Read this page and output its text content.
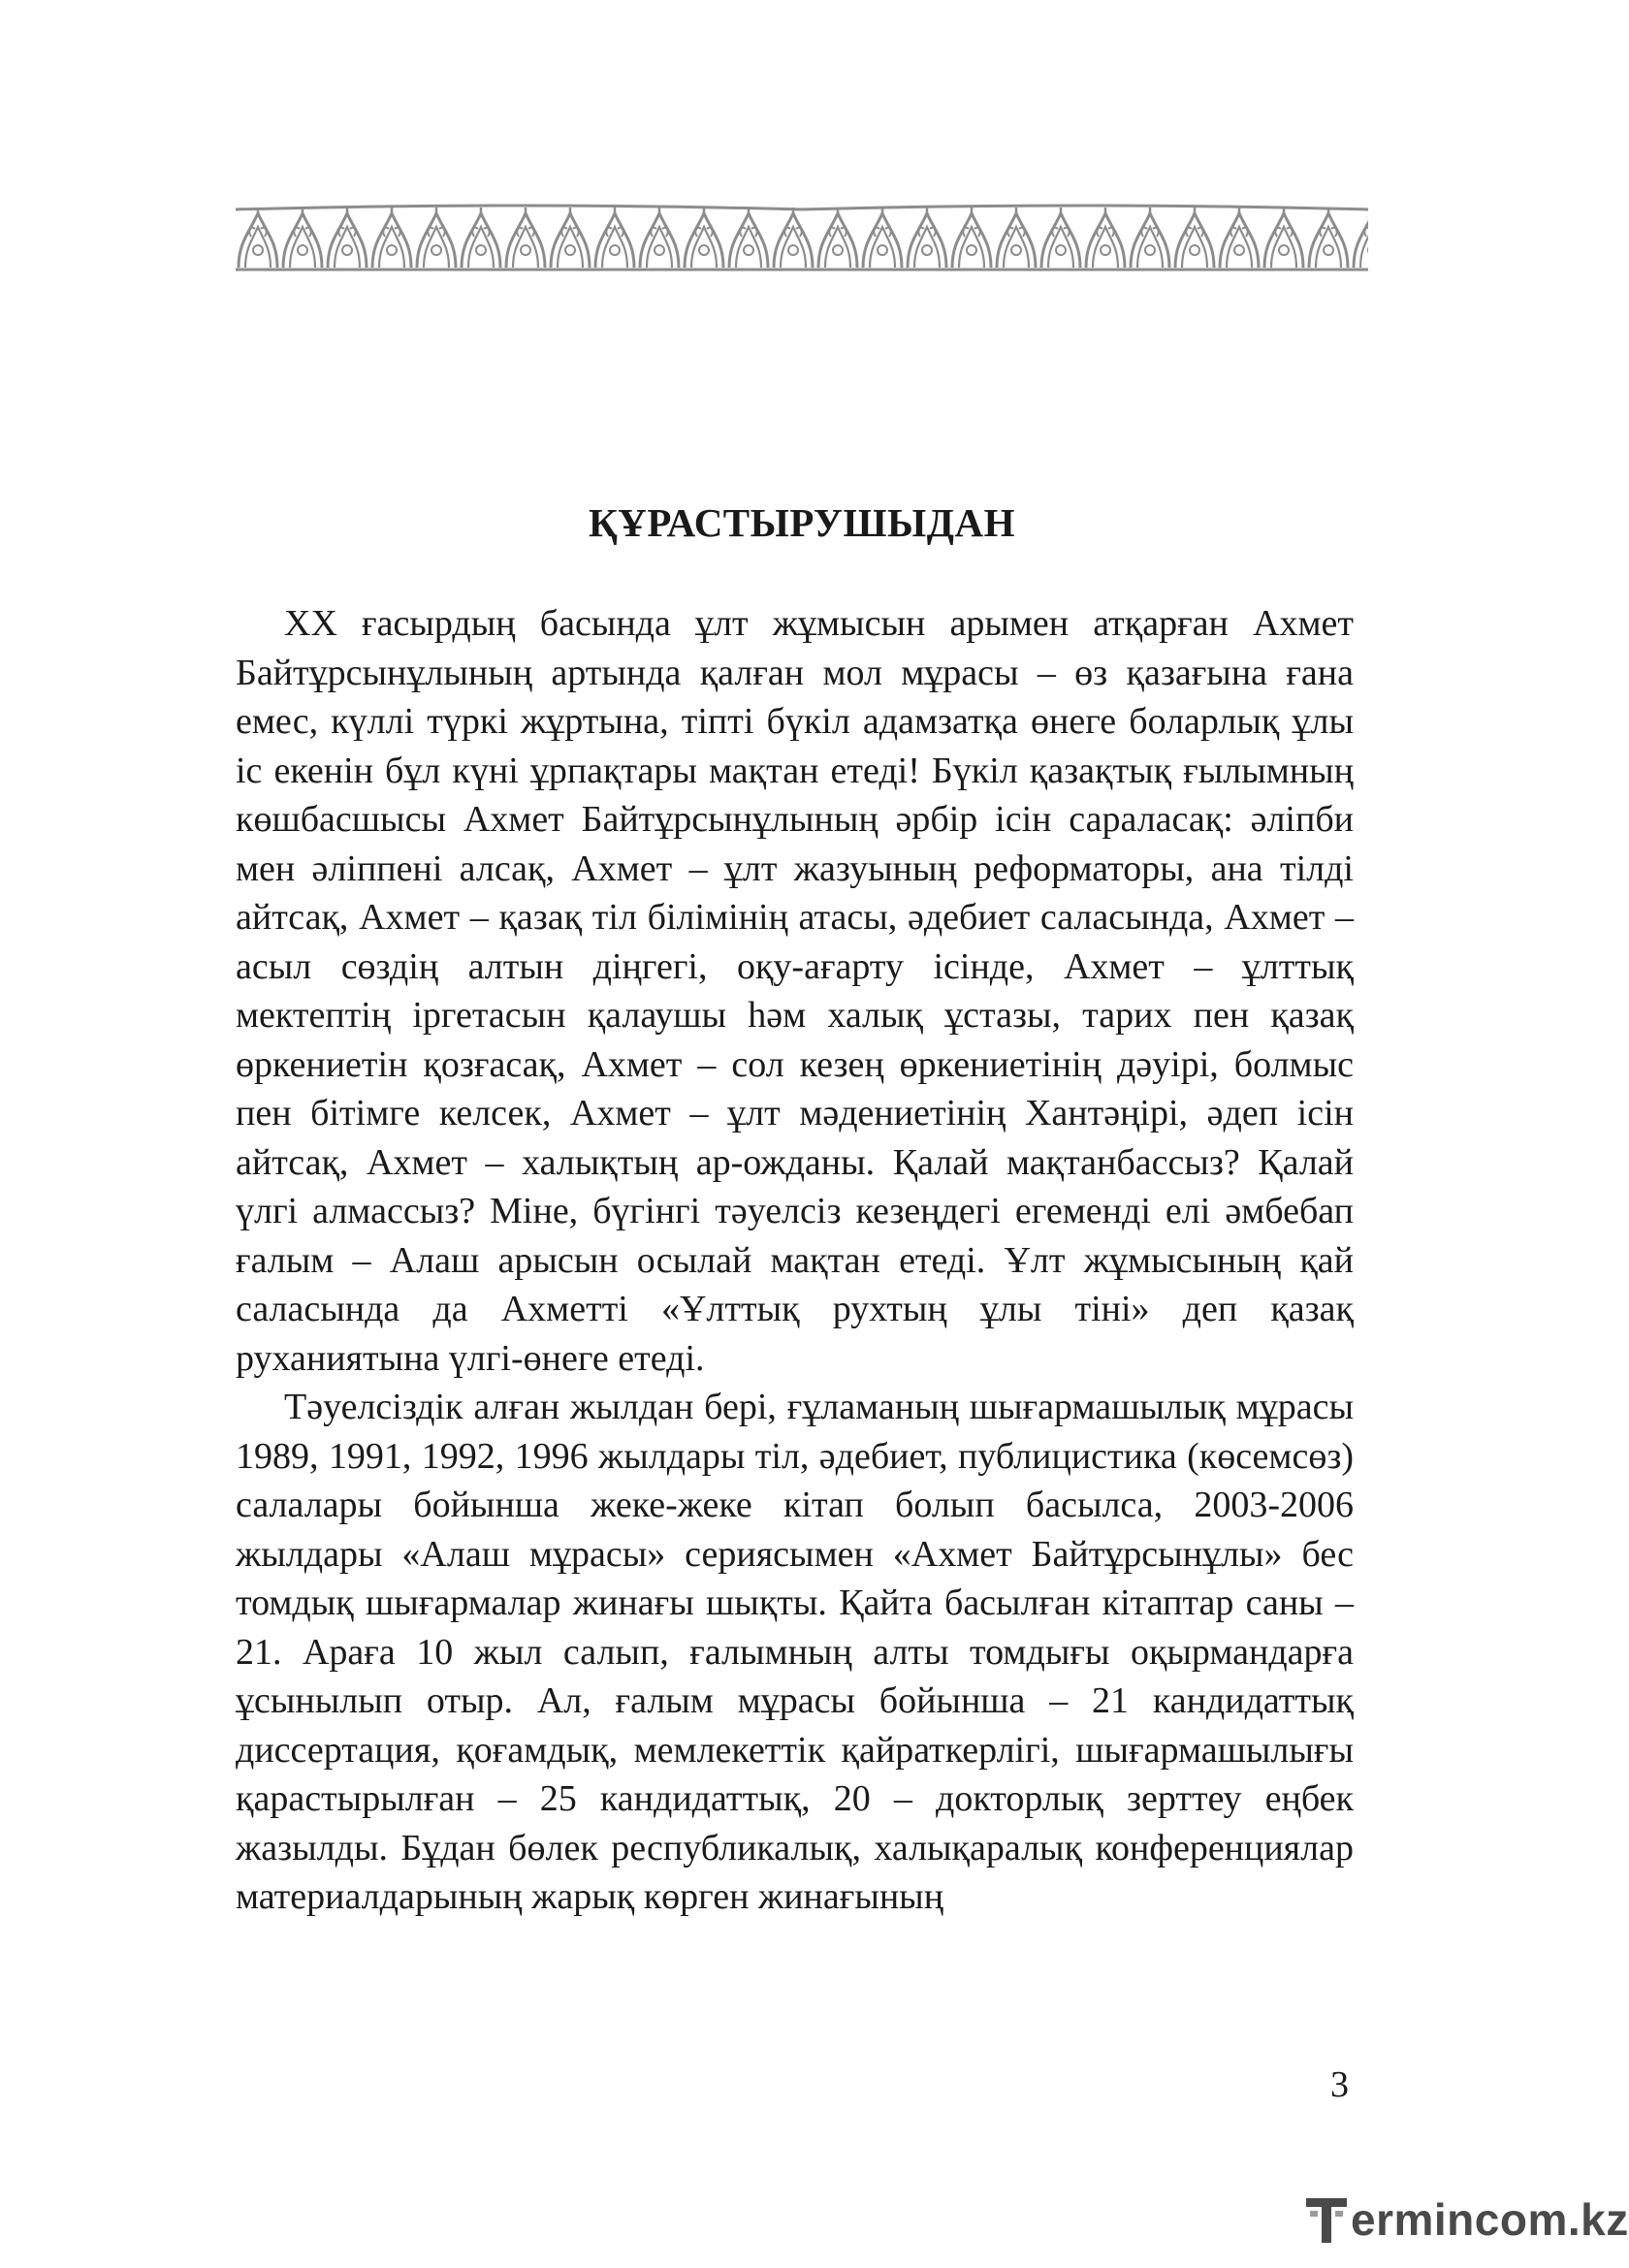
ҚҰРАСТЫРУШЫДАН

ХХ ғасырдың басында ұлт жұмысын арымен атқарған Ахмет Байтұрсынұлының артында қалған мол мұрасы – өз қазағына ғана емес, күллі түркі жұртына, тіпті бүкіл адамзатқа өнеге боларлық ұлы іс екенін бұл күні ұрпақтары мақтан етеді! Бүкіл қазақтық ғылымның көшбасшысы Ахмет Байтұрсынұлының әрбір ісін сараласақ: әліпби мен әліппені алсақ, Ахмет – ұлт жазуының реформаторы, ана тілді айтсақ, Ахмет – қазақ тіл білімінің атасы, әдебиет саласында, Ахмет – асыл сөздің алтын діңгегі, оқу-ағарту ісінде, Ахмет – ұлттық мектептің іргетасын қалаушы һәм халық ұстазы, тарих пен қазақ өркениетін қозғасақ, Ахмет – сол кезең өркениетінің дәуірі, болмыс пен бітімге келсек, Ахмет – ұлт мәдениетінің Хантәңірі, әдеп ісін айтсақ, Ахмет – халықтың ар-ожданы. Қалай мақтанбассыз? Қалай үлгі алмассыз? Міне, бүгінгі тәуелсіз кезеңдегі егеменді елі әмбебап ғалым – Алаш арысын осылай мақтан етеді. Ұлт жұмысының қай саласында да Ахметті «Ұлттық рухтың ұлы тіні» деп қазақ руханиятына үлгі-өнеге етеді.

Тәуелсіздік алған жылдан бері, ғұламаның шығармашылық мұрасы 1989, 1991, 1992, 1996 жылдары тіл, әдебиет, публицистика (көсемсөз) салалары бойынша жеке-жеке кітап болып басылса, 2003-2006 жылдары «Алаш мұрасы» сериясымен «Ахмет Байтұрсынұлы» бес томдық шығармалар жинағы шықты. Қайта басылған кітаптар саны – 21. Араға 10 жыл салып, ғалымның алты томдығы оқырмандарға ұсынылып отыр. Ал, ғалым мұрасы бойынша – 21 кандидаттық диссертация, қоғамдық, мемлекеттік қайраткерлігі, шығармашылығы қарастырылған – 25 кандидаттық, 20 – докторлық зерттеу еңбек жазылды. Бұдан бөлек республикалық, халықаралық конференциялар материалдарының жарық көрген жинағының

3
ermincо m.kz
